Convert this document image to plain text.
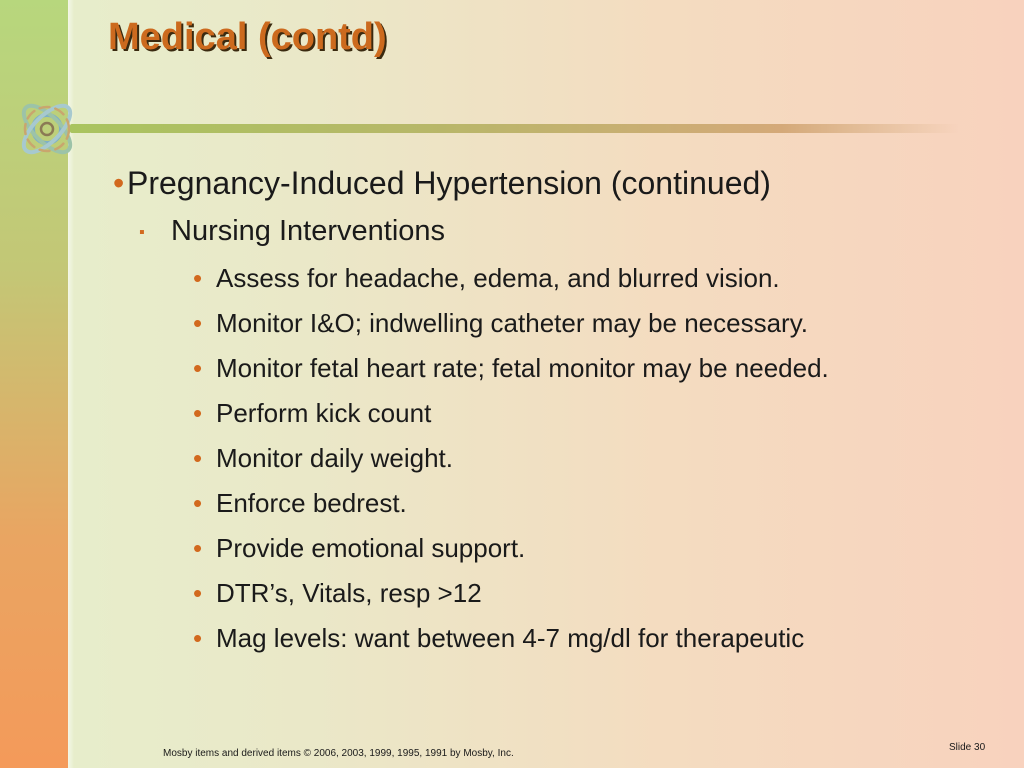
Medical (contd)
• Pregnancy-Induced Hypertension (continued)
▪ Nursing Interventions
• Assess for headache, edema, and blurred vision.
• Monitor I&O; indwelling catheter may be necessary.
• Monitor fetal heart rate; fetal monitor may be needed.
• Perform kick count
• Monitor daily weight.
• Enforce bedrest.
• Provide emotional support.
• DTR’s, Vitals, resp >12
• Mag levels: want between 4-7 mg/dl for therapeutic
Mosby items and derived items © 2006, 2003, 1999, 1995, 1991 by Mosby, Inc.
Slide 30
